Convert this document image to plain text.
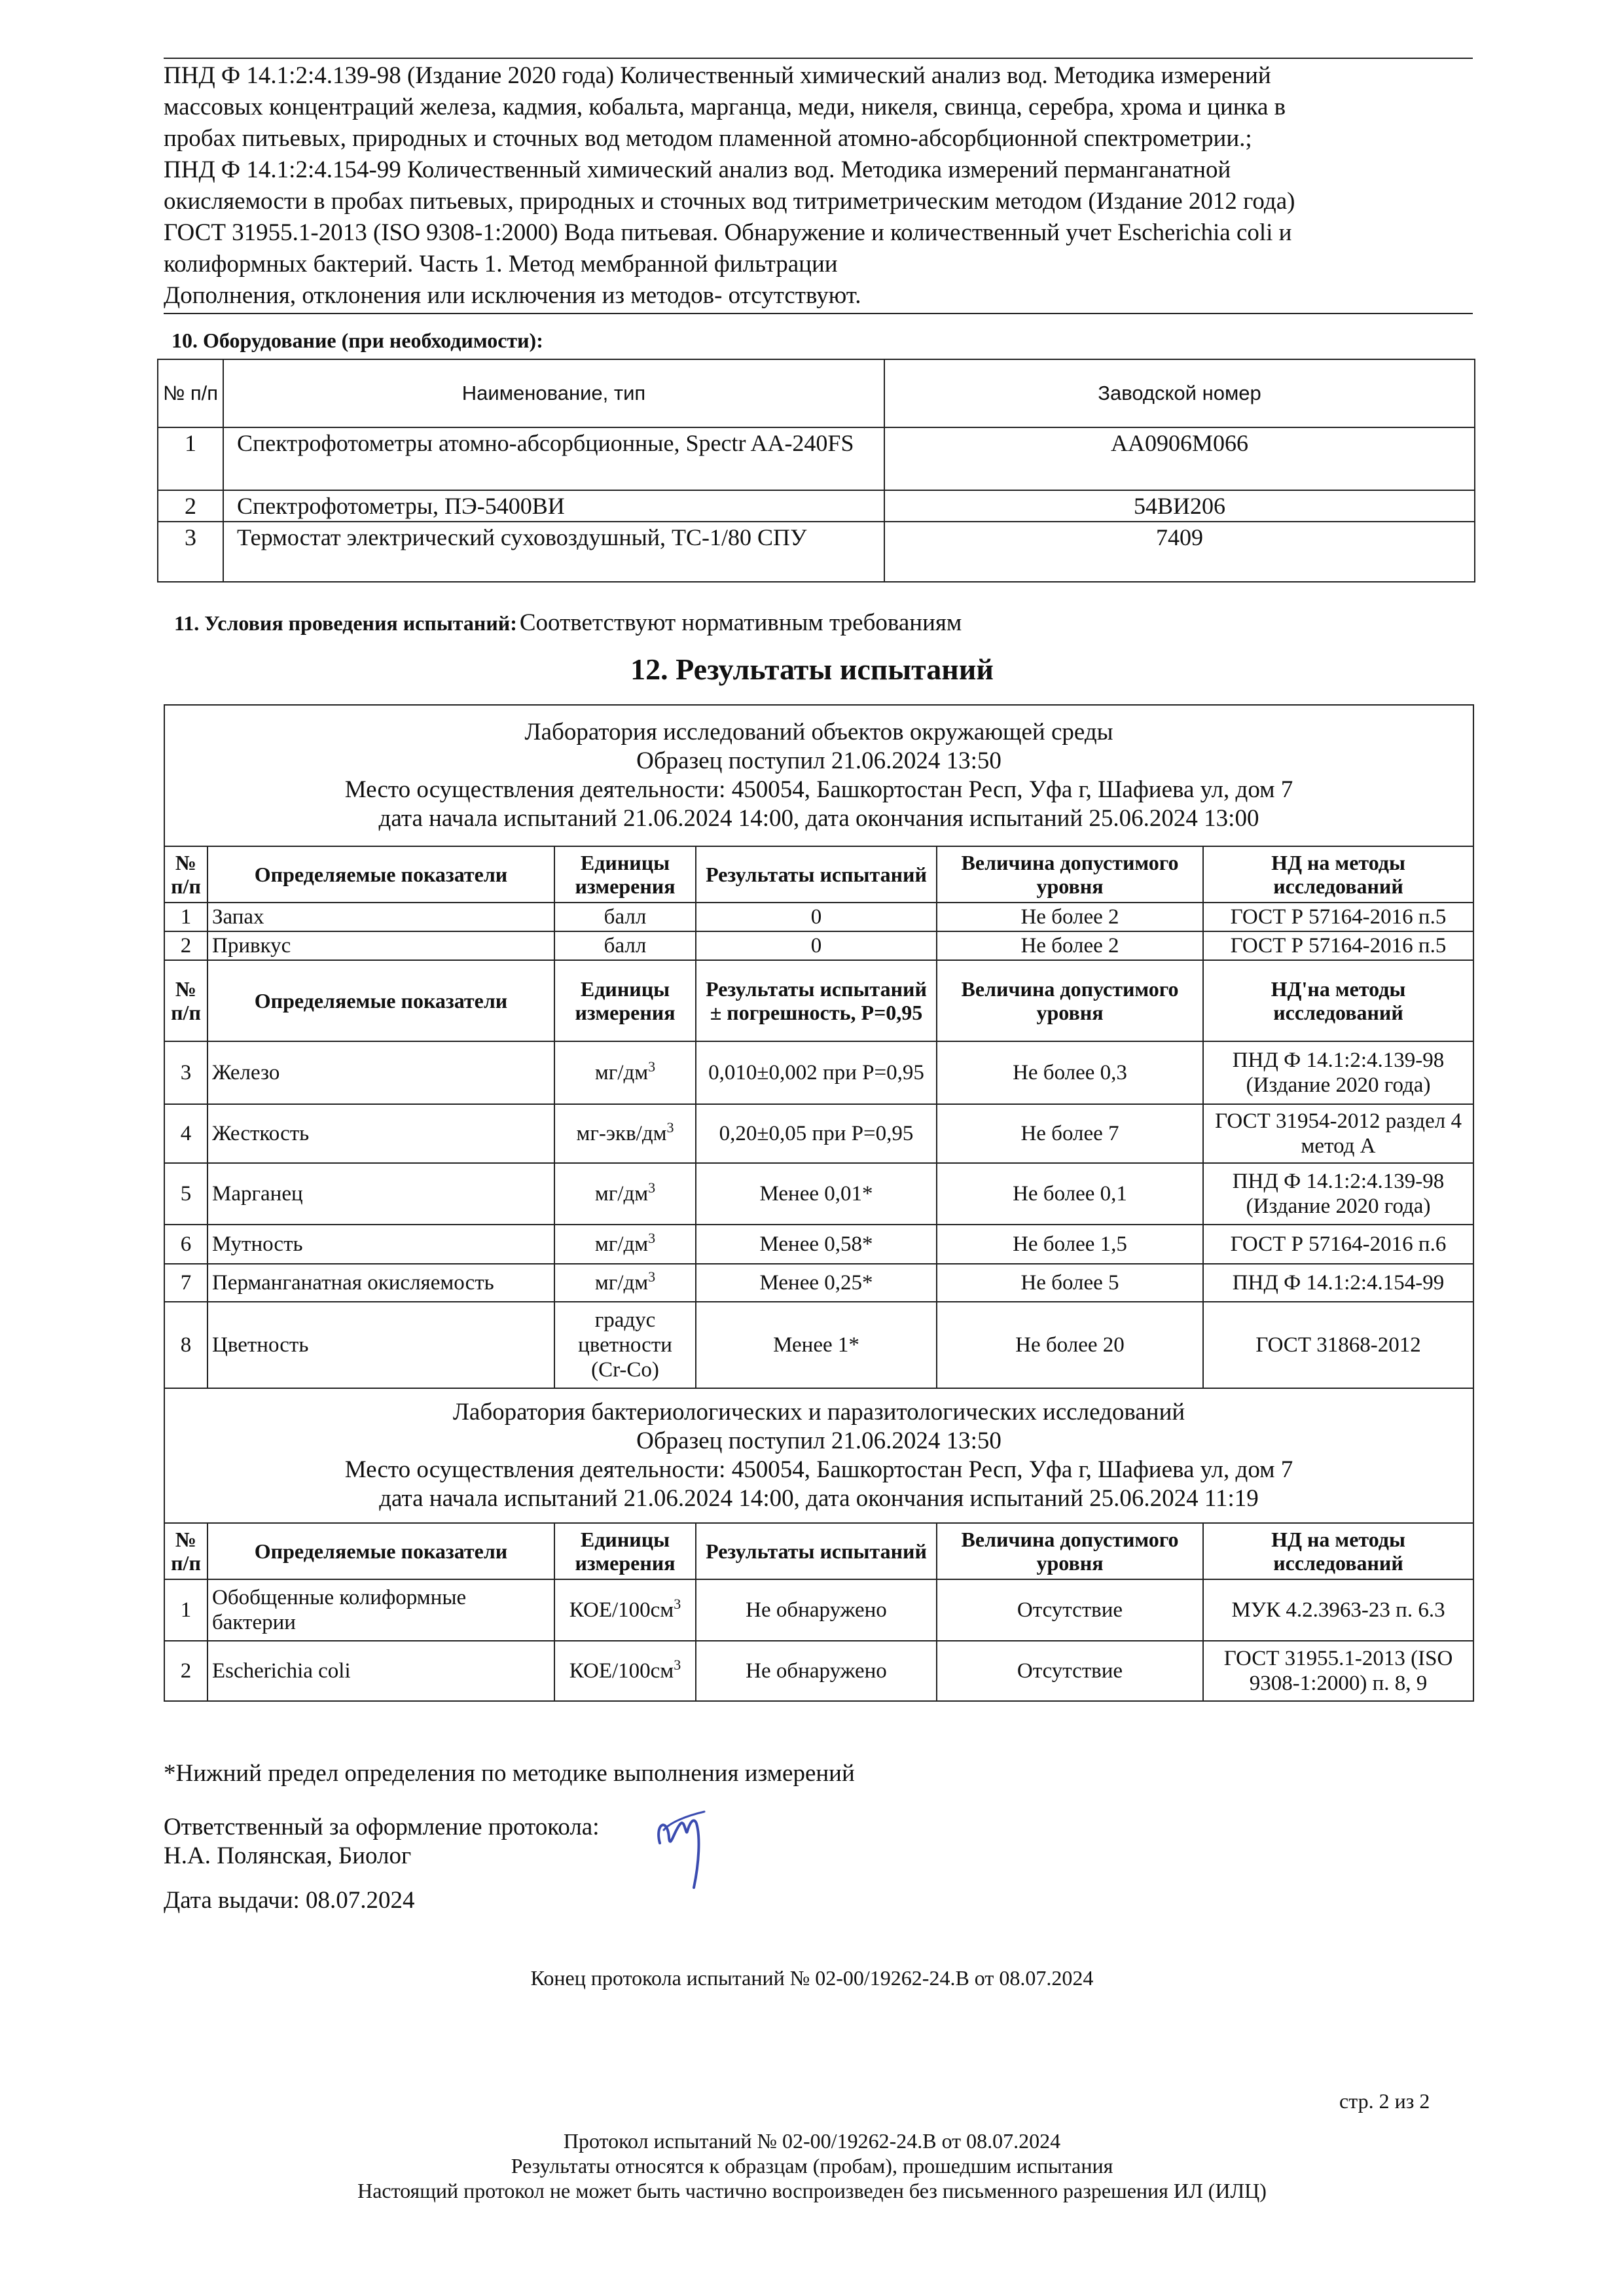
ПНД Ф 14.1:2:4.139-98 (Издание 2020 года) Количественный химический анализ вод. Методика измерений
массовых концентраций железа, кадмия, кобальта, марганца, меди, никеля, свинца, серебра, хрома и цинка в
пробах питьевых, природных и сточных вод методом пламенной атомно-абсорбционной спектрометрии.;
ПНД Ф 14.1:2:4.154-99 Количественный химический анализ вод. Методика измерений перманганатной
окисляемости в пробах питьевых, природных и сточных вод титриметрическим методом (Издание 2012 года)
ГОСТ 31955.1-2013 (ISO 9308-1:2000) Вода питьевая. Обнаружение и количественный учет Escherichia coli и
колиформных бактерий. Часть 1. Метод мембранной фильтрации
Дополнения, отклонения или исключения из методов- отсутствуют.
10. Оборудование (при необходимости):
№ п/п	Наименование, тип	Заводской номер
1	Спектрофотометры атомно-абсорбционные, Spectr AA-240FS	АА0906М066
2	Спектрофотометры, ПЭ-5400ВИ	54ВИ206
3	Термостат электрический суховоздушный, ТС-1/80 СПУ	7409
11. Условия проведения испытаний: Соответствуют нормативным требованиям
12. Результаты испытаний
Лаборатория исследований объектов окружающей среды
Образец поступил 21.06.2024 13:50
Место осуществления деятельности: 450054, Башкортостан Респ, Уфа г, Шафиева ул, дом 7
дата начала испытаний 21.06.2024 14:00, дата окончания испытаний 25.06.2024 13:00					

№ п/п	Определяемые показатели	Единицы измерения	Результаты испытаний	Величина допустимого уровня	НД на методы исследований
1	Запах	балл	0	Не более 2	ГОСТ Р 57164-2016 п.5
2	Привкус	балл	0	Не более 2	ГОСТ Р 57164-2016 п.5
№ п/п	Определяемые показатели	Единицы измерения	Результаты испытаний ± погрешность, Р=0,95	Величина допустимого уровня	НД'на методы исследований
3	Железо	$мг/дм^3$	0,010±0,002 при Р=0,95	Не более 0,3	ПНД Ф 14.1:2:4.139-98 (Издание 2020 года)
4	Жесткость	$мг-экв/дм^3$	0,20±0,05 при Р=0,95	Не более 7	ГОСТ 31954-2012 раздел 4 метод А
5	Марганец	$мг/дм^3$	Менее 0,01*	Не более 0,1	ПНД Ф 14.1:2:4.139-98 (Издание 2020 года)
6	Мутность	$мг/дм^3$	Менее 0,58*	Не более 1,5	ГОСТ Р 57164-2016 п.6
7	Перманганатная окисляемость	$мг/дм^3$	Менее 0,25*	Не более 5	ПНД Ф 14.1:2:4.154-99
8	Цветность	градус цветности (Cr-Co)	Менее 1*	Не более 20	ГОСТ 31868-2012

Лаборатория бактериологических и паразитологических исследований
Образец поступил 21.06.2024 13:50
Место осуществления деятельности: 450054, Башкортостан Респ, Уфа г, Шафиева ул, дом 7
дата начала испытаний 21.06.2024 14:00, дата окончания испытаний 25.06.2024 11:19					

№ п/п	Определяемые показатели	Единицы измерения	Результаты испытаний	Величина допустимого уровня	НД на методы исследований
1	Обобщенные колиформные бактерии	КОЕ/$100см^3$	Не обнаружено	Отсутствие	МУК 4.2.3963-23 п. 6.3
2	Escherichia coli	КОЕ/$100см^3$	Не обнаружено	Отсутствие	ГОСТ 31955.1-2013 (ISO 9308-1:2000) п. 8, 9
*Нижний предел определения по методике выполнения измерений
Ответственный за оформление протокола:
Н.А. Полянская, Биолог
Дата выдачи: 08.07.2024
Конец протокола испытаний № 02-00/19262-24.В от 08.07.2024
стр. 2 из 2
Протокол испытаний № 02-00/19262-24.В от 08.07.2024
Результаты относятся к образцам (пробам), прошедшим испытания
Настоящий протокол не может быть частично воспроизведен без письменного разрешения ИЛ (ИЛЦ)
